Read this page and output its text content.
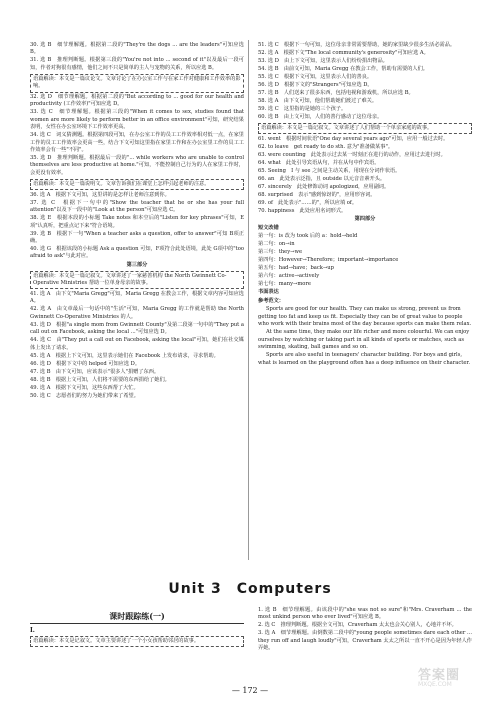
30. 选 B　细节理解题。根据第二段的"They're the dogs ... are the leaders"可知应选 B。
31. 选 B　推理判断题。根据第三段的"You're not into ... second of it"以及最后一段可知，作者对狗很有感情，他们之间不只是简单的主人与宠物的关系，所以应选 B。
语篇解读：本文是一篇议论文。文章讨论了在办公室工作与在家工作对健康和工作效率的影响。
32. 选 D　细节理解题。根据第二段的"But according to ... good for our health and productivity (工作效率)"可知应选 D。
33. 选 C　细节理解题。根据第三段的"When it comes to sex, studies found that women are more likely to perform better in an office environment"可知，研究结果表明，女性在办公室环境下工作效率更高。
34. 选 C　词义猜测题。根据第四段可知，在办公室工作的员工工作效率相对低一点，在家里工作的员工工作效率会更高一些，结合下文可知这里指在家里工作和在办公室里工作的员工工作效率会有一些"不同"。
35. 选 D　推理判断题。根据最后一段的"... while workers who are unable to control themselves are less productive at home."可知，不能控制自己行为的人在家里工作时，会更没有效率。
语篇解读：本文是一篇说明文。文章告诉我们在课堂上怎样引起老师的注意。
36. 选 A　根据下文可知，这里讲的是怎样让老师注意到你。
37. 选 C　根据下一句中的"Show the teacher that he or she has your full attention"以及下一段中的"Look at the person"可知应选 C。
38. 选 E　根据本段的小标题 Take notes 和本空后的"Listen for key phrases"可知，E项"认真听，把重点记下来"符合语境。
39. 选 B　根据下一句"When a teacher asks a question, offer to answer"可知 B项正确。
40. 选 G　根据该段的小标题 Ask a question 可知，F项符合此处语境，此处 G项中的"too afraid to ask"与此对应。
第三部分
语篇解读：本文是一篇记叙文。文章讲述了一家慈善机构 the North Gwinnett Co-Operative Ministries 帮助一位单身母亲的故事。
41. 选 A　由下文"Maria Gregg"可知，Maria Gregg 在教会工作，根据文章内容可知应选 A。
42. 选 A　由文章最后一句话中的"生活"可知，Maria Gregg 的工作就是帮助 the North Gwinnett Co-Operative Ministries 的人。
43. 选 D　根据"a single mom from Gwinnett County"及第二段第一句中的"They put a call out on Facebook, asking the local ..."可知应选 D。
44. 选 C　由"They put a call out on Facebook, asking the local"可知，她们在社交媒体上发出了请求。
45. 选 A　根据上下文可知，这里表示她们在 Facebook 上发布请求，寻求帮助。
46. 选 D　根据下文中的 helped 可知应选 D。
47. 选 B　由下文可知，应该表示"很多人"捐赠了东西。
48. 选 B　根据上文可知，人们将不需要的东西捐给了她们。
49. 选 A　根据下文可知，这些东西帮了大忙。
50. 选 C　志愿者们的努力为她们带来了希望。
51. 选 C　根据下一句可知，这位母亲非常需要帮助，她的家里缺少很多生活必需品。
52. 选 A　根据下文"The local community's generosity"可知应选 A。
53. 选 D　由上下文可知，这里表示人们纷纷捐出物品。
54. 选 B　由前文可知，Maria Gregg 在教会工作，帮助有需要的人们。
55. 选 C　根据下文可知，这里表示人们的善良。
56. 选 D　根据下文的"Strangers"可知应选 D。
57. 选 B　人们送来了很多东西，包括电视和游戏机，所以应选 B。
58. 选 A　由下文可知，他们帮助她们渡过了难关。
59. 选 C　这里指的是她的三个孩子。
60. 选 B　由上文可知，人们的善行感动了这位母亲。
语篇解读：本文是一篇记叙文。文章讲述了人们帮助一个单亲家庭的故事。
61. went　根据时间状语"One day several years ago"可知，应用一般过去时。
62. to leave　get ready to do sth. 意为"准备做某事"。
63. were counting　此处表示过去某一时刻正在进行的动作，应用过去进行时。
64. what　此处引导宾语从句，并在从句中作宾语。
65. Seeing　I 与 see 之间是主动关系，用现在分词作状语。
66. an　此处表示泛指，且 outside 以元音音素开头。
67. sincerely　此处修饰动词 apologized，应用副词。
68. surprised　表示"感到惊讶的"，应用形容词。
69. of　此处表示"……的"，所以应填 of。
70. happiness　此处应用名词形式。
第四部分
短文改错
第一句：is 改为 took 后的 a：hold→held
第二句：on→in
第三句：they→we
第四句：However→Therefore；important→importance
第五句：had→have；back→up
第六句：active→actively
第七句：many→more
书面表达
参考范文：

Sports are good for our health. They can make us strong, prevent us from getting too fat and keep us fit. Especially they can be of great value to people who work with their brains most of the day because sports can make them relax.

At the same time, they make our life richer and more colourful. We can enjoy ourselves by watching or taking part in all kinds of sports or matches, such as swimming, skating, ball games and so on.

Sports are also useful in teenagers' character building. For boys and girls, what is learned on the playground often has a deep influence on their character.

Unit 3　Computers
课时跟踪练(一)
Ⅰ.
语篇解读：本文是记叙文。文章主要讲述了一个小女孩帮助邻居的故事。
1. 选 B　细节理解题。由该段中的"she was not so sure"和"Mrs. Craverham ... the most unkind person who ever lived"可知应选 B。
2. 选 C　推理判断题。根据全文可知，Craverham 太太也会关心别人，心地并不坏。
3. 选 A　细节理解题。由倒数第二段中的"young people sometimes dare each other ... they run off and laugh loudly"可知，Craverham 太太之所以一直不开心是因为年轻人作弄她。
— 172 —
答案圈
MXQE.COM
